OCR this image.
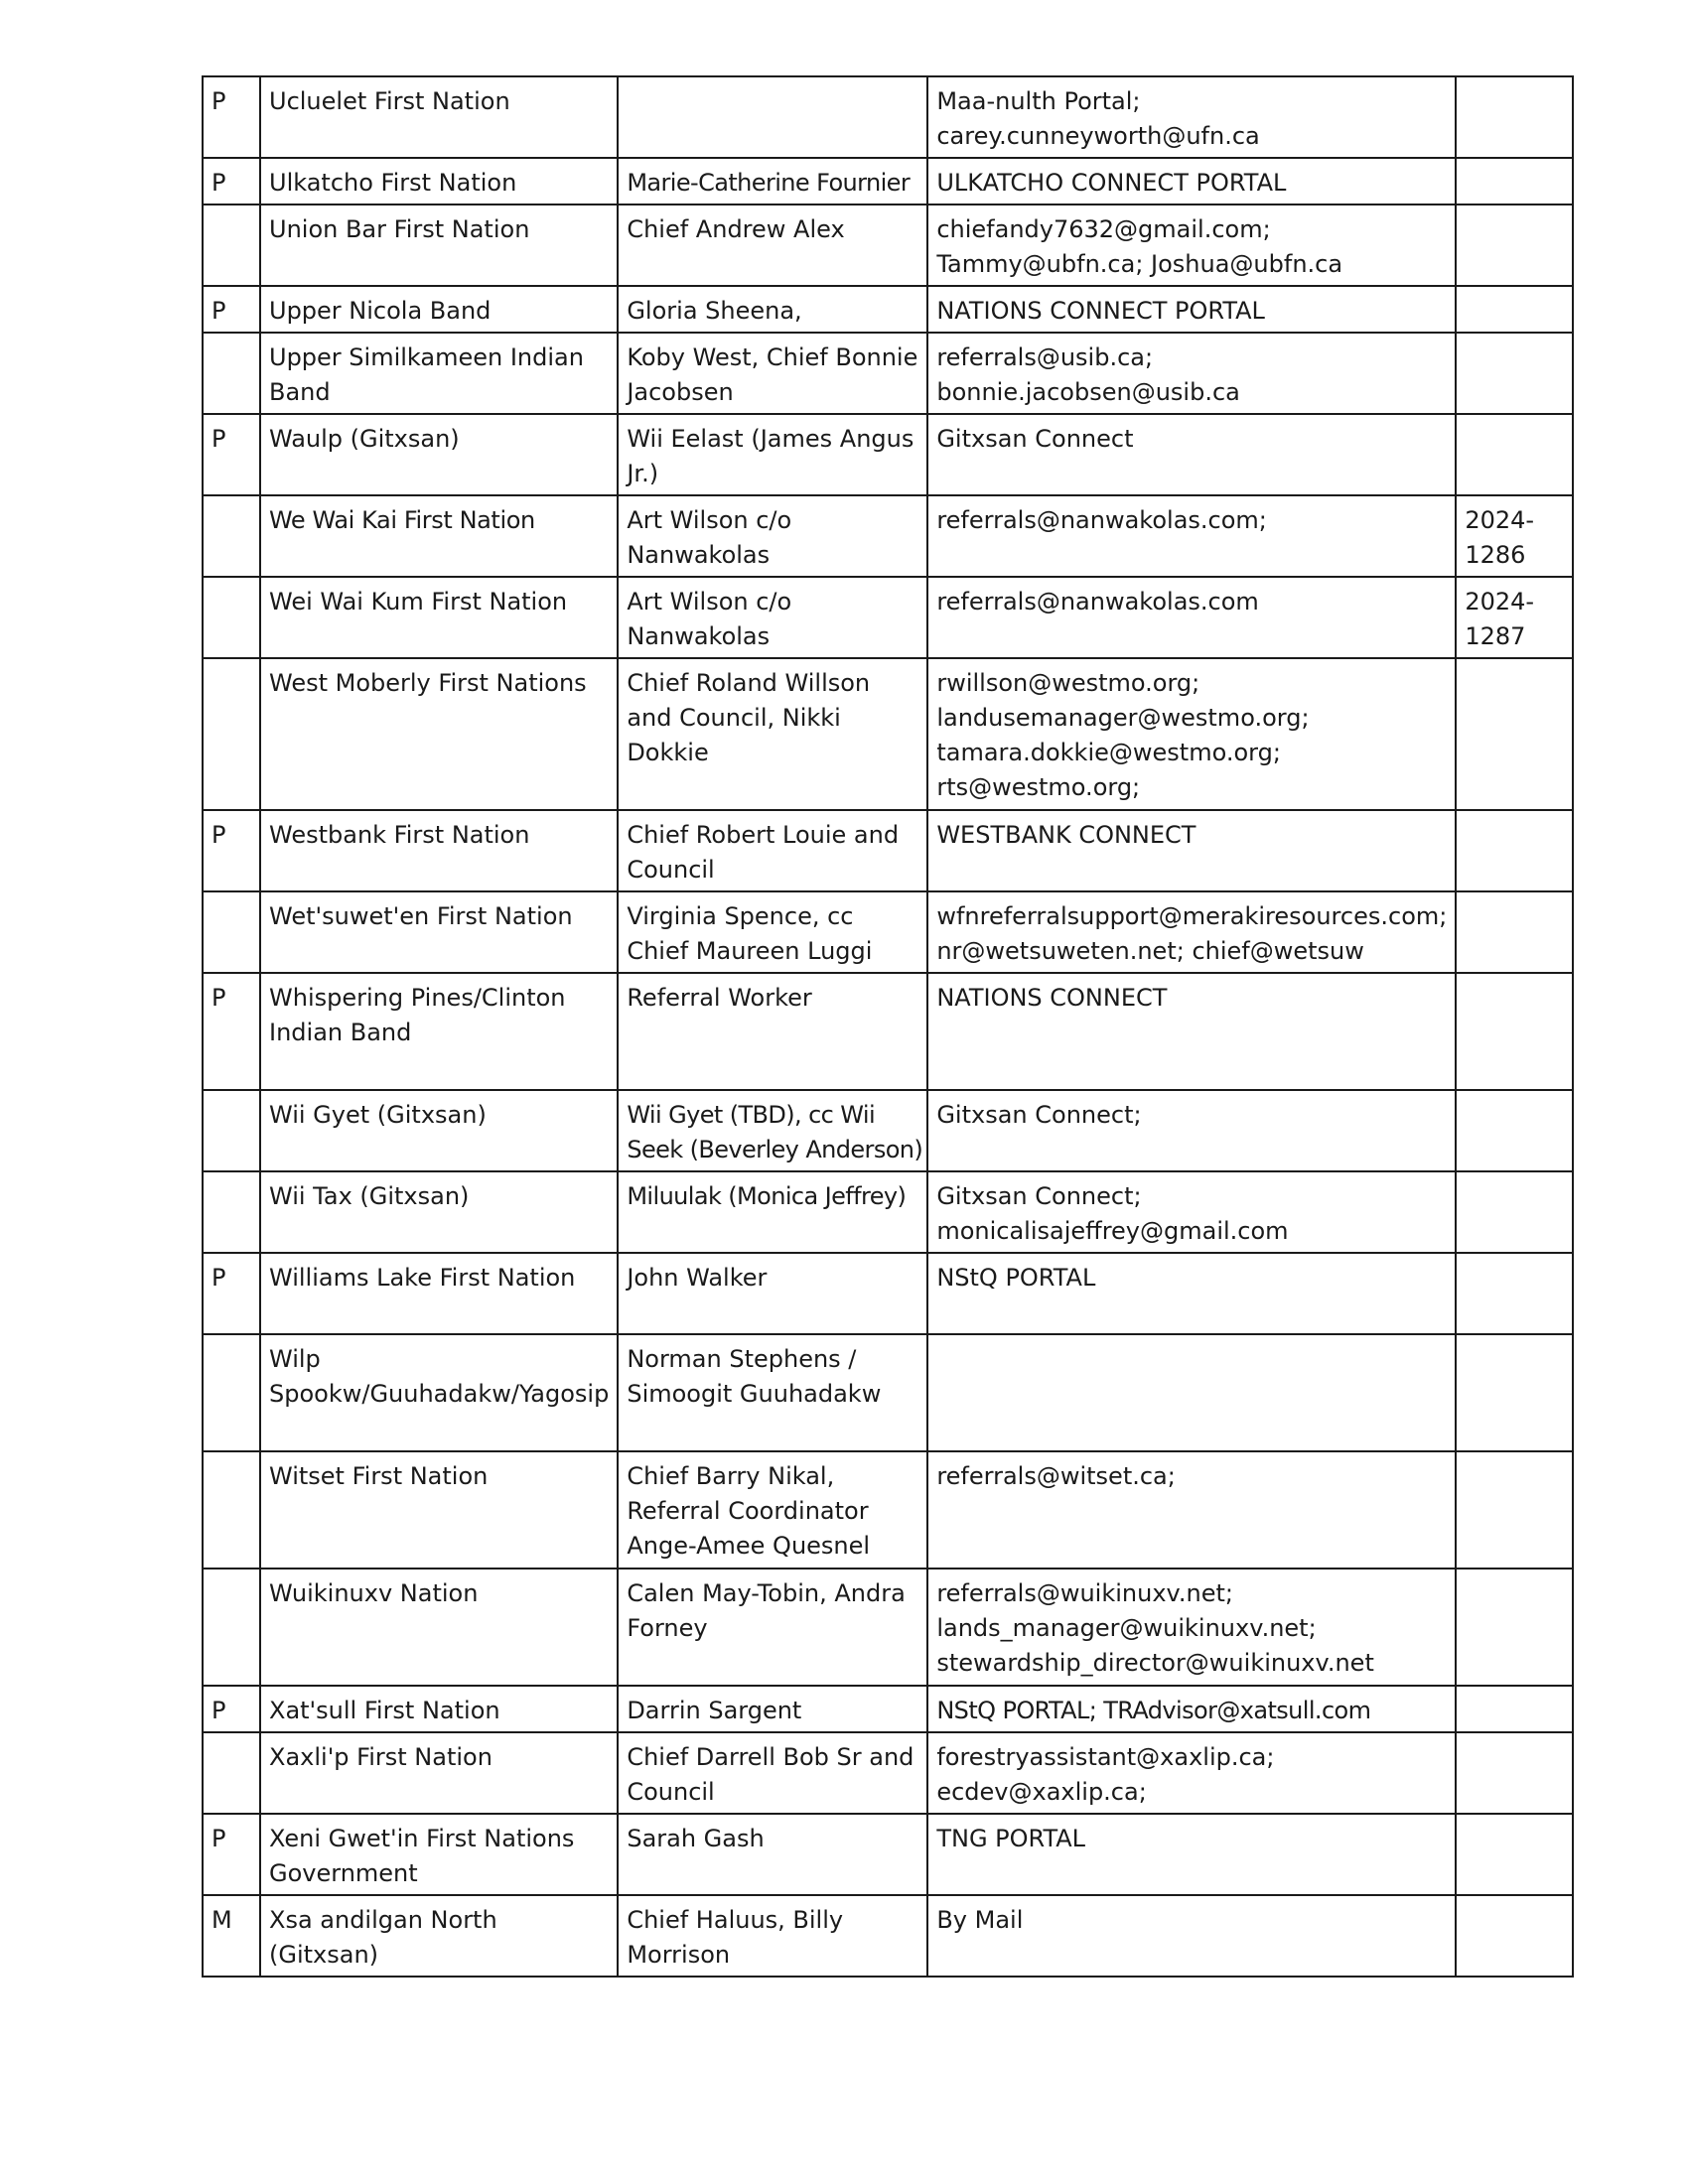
P	Ucluelet First Nation		Maa-nulth Portal; carey.cunneyworth@ufn.ca	
P	Ulkatcho First Nation	Marie-Catherine Fournier	ULKATCHO CONNECT PORTAL	
	Union Bar First Nation	Chief Andrew Alex	chiefandy7632@gmail.com; Tammy@ubfn.ca; Joshua@ubfn.ca	
P	Upper Nicola Band	Gloria Sheena,	NATIONS CONNECT PORTAL	
	Upper Similkameen Indian Band	Koby West, Chief Bonnie Jacobsen	referrals@usib.ca; bonnie.jacobsen@usib.ca	
P	Waulp (Gitxsan)	Wii Eelast (James Angus Jr.)	Gitxsan Connect	
	We Wai Kai First Nation	Art Wilson c/o Nanwakolas	referrals@nanwakolas.com;	2024-1286
	Wei Wai Kum First Nation	Art Wilson c/o Nanwakolas	referrals@nanwakolas.com	2024-1287
	West Moberly First Nations	Chief Roland Willson and Council, Nikki Dokkie	rwillson@westmo.org; landusemanager@westmo.org; tamara.dokkie@westmo.org; rts@westmo.org;	
P	Westbank First Nation	Chief Robert Louie and Council	WESTBANK CONNECT	
	Wet'suwet'en First Nation	Virginia Spence, cc Chief Maureen Luggi	wfnreferralsupport@merakiresources.com; nr@wetsuweten.net; chief@wetsuw	
P	Whispering Pines/Clinton Indian Band	Referral Worker	NATIONS CONNECT	
	Wii Gyet (Gitxsan)	Wii Gyet (TBD), cc Wii Seek (Beverley Anderson)	Gitxsan Connect;	
	Wii Tax (Gitxsan)	Miluulak (Monica Jeffrey)	Gitxsan Connect; monicalisajeffrey@gmail.com	
P	Williams Lake First Nation	John Walker	NStQ PORTAL	
	Wilp Spookw/Guuhadakw/Yagosip	Norman Stephens / Simoogit Guuhadakw		
	Witset First Nation	Chief Barry Nikal, Referral Coordinator Ange-Amee Quesnel	referrals@witset.ca;	
	Wuikinuxv Nation	Calen May-Tobin, Andra Forney	referrals@wuikinuxv.net; lands_manager@wuikinuxv.net; stewardship_director@wuikinuxv.net	
P	Xat'sull First Nation	Darrin Sargent	NStQ PORTAL; TRAdvisor@xatsull.com	
	Xaxli'p First Nation	Chief Darrell Bob Sr and Council	forestryassistant@xaxlip.ca; ecdev@xaxlip.ca;	
P	Xeni Gwet'in First Nations Government	Sarah Gash	TNG PORTAL	
M	Xsa andilgan North (Gitxsan)	Chief Haluus, Billy Morrison	By Mail	
